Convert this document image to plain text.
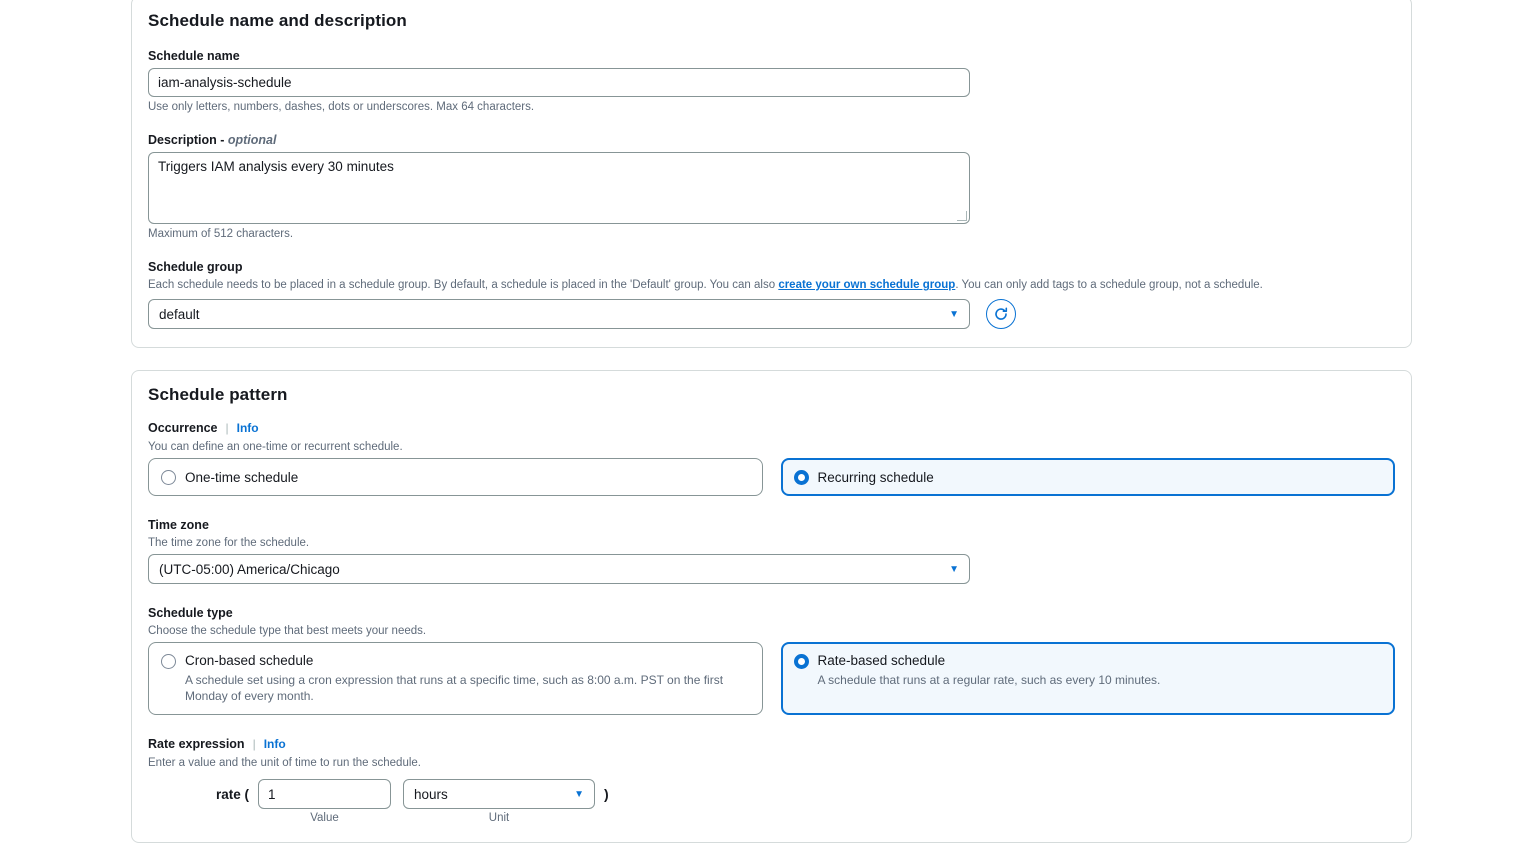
Schedule name and description
Schedule name
iam-analysis-schedule
Use only letters, numbers, dashes, dots or underscores. Max 64 characters.
Description - optional
Triggers IAM analysis every 30 minutes
Maximum of 512 characters.
Schedule group
Each schedule needs to be placed in a schedule group. By default, a schedule is placed in the 'Default' group. You can also create your own schedule group. You can only add tags to a schedule group, not a schedule.
default	▼
Schedule pattern
Occurrence | Info
You can define an one-time or recurrent schedule.
One-time schedule	Recurring schedule
Time zone
The time zone for the schedule.
(UTC-05:00) America/Chicago	▼
Schedule type
Choose the schedule type that best meets your needs.
Cron-based schedule
A schedule set using a cron expression that runs at a specific time, such as 8:00 a.m. PST on the first Monday of every month.
Rate-based schedule
A schedule that runs at a regular rate, such as every 10 minutes.
Rate expression | Info
Enter a value and the unit of time to run the schedule.
rate (	1	hours	▼ )
Value	Unit
